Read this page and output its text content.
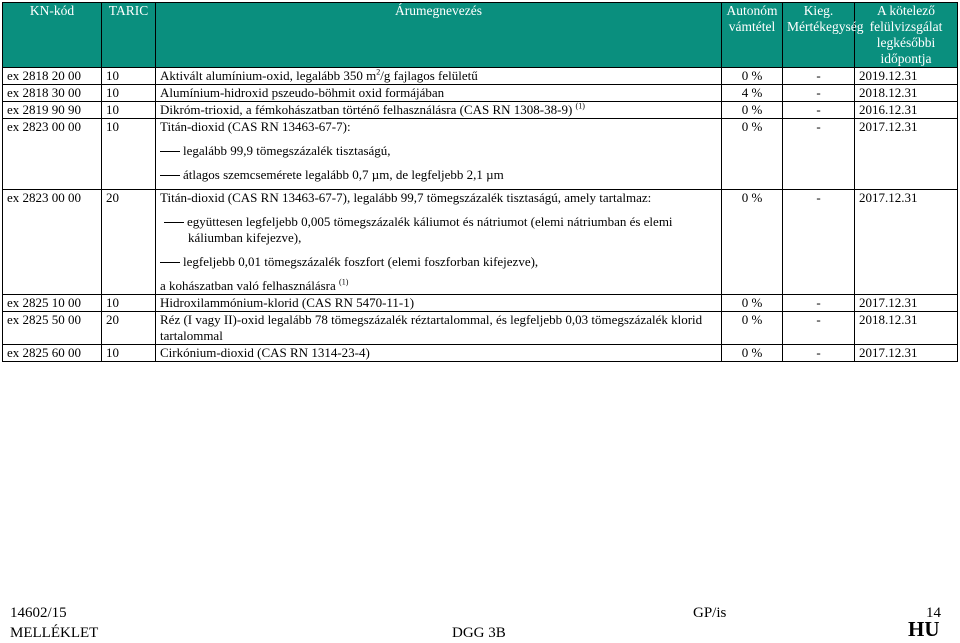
KN-kód	TARIC	Árumegnevezés	Autonóm vámtétel	Kieg. Mértékegység	A kötelező felülvizsgálat legkésőbbi időpontja
ex 2818 20 00	10	Aktivált alumínium-oxid, legalább 350 $m^2/g$ fajlagos felületű	0 %	-	2019.12.31
ex 2818 30 00	10	Alumínium-hidroxid pszeudo-böhmit oxid formájában	4 %	-	2018.12.31
ex 2819 90 90	10	Dikróm-trioxid, a fémkohászatban történő felhasználásra (CAS RN 1308-38-9) $^{(1)}$	0 %	-	2016.12.31
ex 2823 00 00	10	Titán-dioxid (CAS RN 13463-67-7):
legalább 99,9 tömegszázalék tisztaságú,
átlagos szemcsemérete legalább 0,7 µm, de legfeljebb 2,1 µm	0 %	-	2017.12.31
ex 2823 00 00	20	Titán-dioxid (CAS RN 13463-67-7), legalább 99,7 tömegszázalék tisztaságú, amely tartalmaz:
együttesen legfeljebb 0,005 tömegszázalék káliumot és nátriumot (elemi nátriumban és elemi káliumban kifejezve),
legfeljebb 0,01 tömegszázalék foszfort (elemi foszforban kifejezve),
a kohászatban való felhasználásra $^{(1)}$	0 %	-	2017.12.31
ex 2825 10 00	10	Hidroxilammónium-klorid (CAS RN 5470-11-1)	0 %	-	2017.12.31
ex 2825 50 00	20	Réz (I vagy II)-oxid legalább 78 tömegszázalék réztartalommal, és legfeljebb 0,03 tömegszázalék klorid tartalommal	0 %	-	2018.12.31
ex 2825 60 00	10	Cirkónium-dioxid (CAS RN 1314-23-4)	0 %	-	2017.12.31
14602/15	GP/is	14
MELLÉKLET	DGG 3B	HU
